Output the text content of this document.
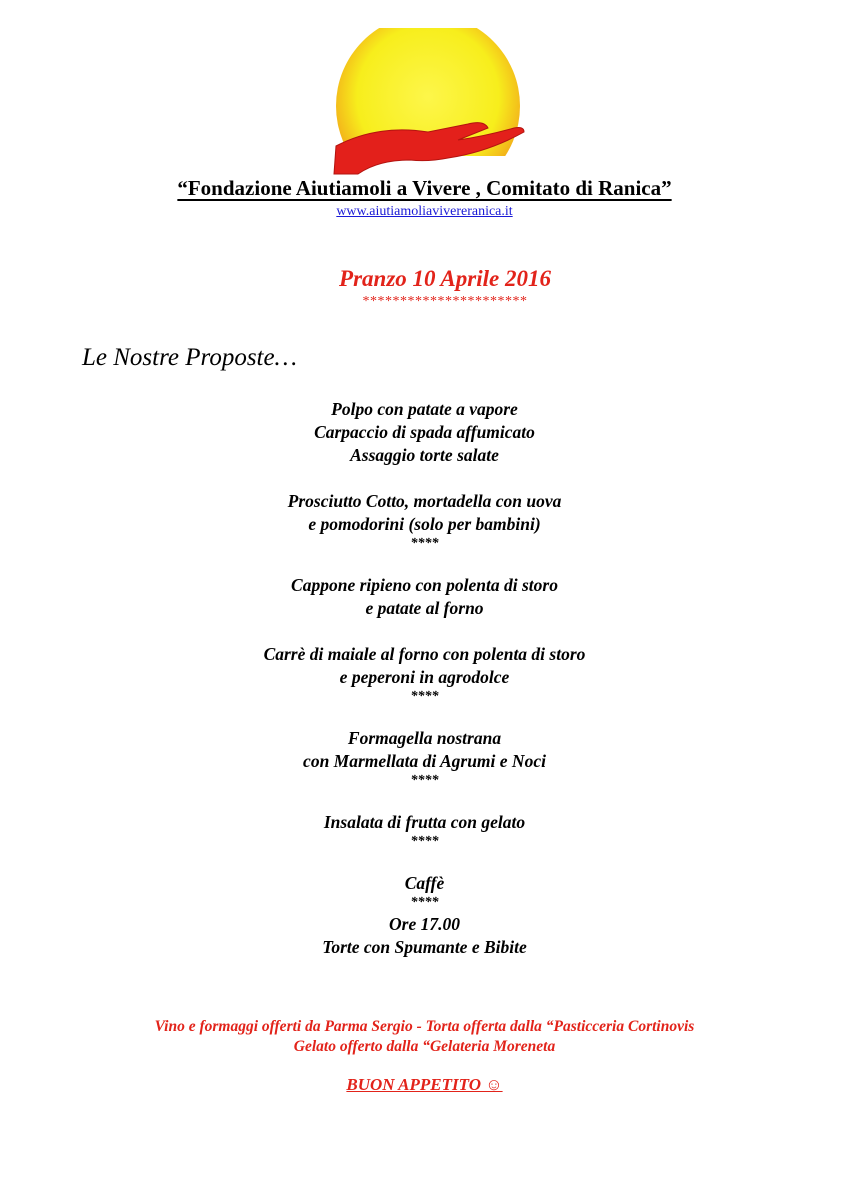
“Fondazione Aiutiamoli a Vivere , Comitato di Ranica”
www.aiutiamoliavivereranica.it
Pranzo 10 Aprile 2016
**********************
Le Nostre Proposte…
Polpo con patate a vapore
Carpaccio di spada affumicato
Assaggio torte salate
Prosciutto Cotto, mortadella con uova
e pomodorini (solo per bambini)
****
Cappone ripieno con polenta di storo
e patate al forno
Carrè di maiale al forno con polenta di storo
e peperoni in agrodolce
****
Formagella nostrana
con Marmellata di Agrumi e Noci
****
Insalata di frutta con gelato
****
Caffè
****
Ore 17.00
Torte con Spumante e Bibite
Vino e formaggi offerti da Parma Sergio - Torta offerta dalla “Pasticceria Cortinovis
Gelato offerto dalla “Gelateria Moreneta
BUON APPETITO ☺
